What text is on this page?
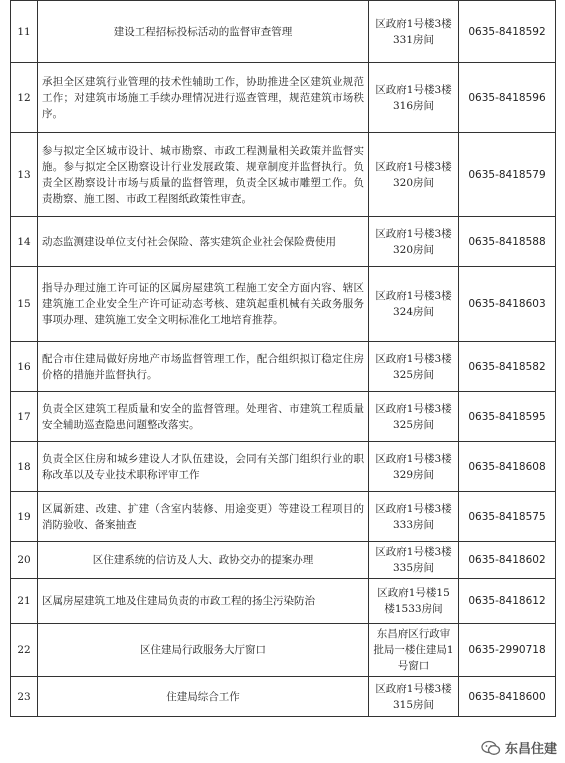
11	建设工程招标投标活动的监督审查管理	区政府1号楼3楼331房间	0635-8418592
12	承担全区建筑行业管理的技术性辅助工作，协助推进全区建筑业规范工作；对建筑市场施工手续办理情况进行巡查管理，规范建筑市场秩序。	区政府1号楼3楼316房间	0635-8418596
13	参与拟定全区城市设计、城市勘察、市政工程测量相关政策并监督实施。参与拟定全区勘察设计行业发展政策、规章制度并监督执行。负责全区勘察设计市场与质量的监督管理，负责全区城市雕塑工作。负责勘察、施工图、市政工程图纸政策性审查。	区政府1号楼3楼320房间	0635-8418579
14	动态监测建设单位支付社会保险、落实建筑企业社会保险费使用	区政府1号楼3楼320房间	0635-8418588
15	指导办理过施工许可证的区属房屋建筑工程施工安全方面内容、辖区建筑施工企业安全生产许可证动态考核、建筑起重机械有关政务服务事项办理、建筑施工安全文明标准化工地培育推荐。	区政府1号楼3楼324房间	0635-8418603
16	配合市住建局做好房地产市场监督管理工作，配合组织拟订稳定住房价格的措施并监督执行。	区政府1号楼3楼325房间	0635-8418582
17	负责全区建筑工程质量和安全的监督管理。处理省、市建筑工程质量安全辅助巡查隐患问题整改落实。	区政府1号楼3楼325房间	0635-8418595
18	负责全区住房和城乡建设人才队伍建设，会同有关部门组织行业的职称改革以及专业技术职称评审工作	区政府1号楼3楼329房间	0635-8418608
19	区属新建、改建、扩建（含室内装修、用途变更）等建设工程项目的消防验收、备案抽查	区政府1号楼3楼333房间	0635-8418575
20	区住建系统的信访及人大、政协交办的提案办理	区政府1号楼3楼335房间	0635-8418602
21	区属房屋建筑工地及住建局负责的市政工程的扬尘污染防治	区政府1号楼15楼1533房间	0635-8418612
22	区住建局行政服务大厅窗口	东昌府区行政审批局一楼住建局1号窗口	0635-2990718
23	住建局综合工作	区政府1号楼3楼315房间	0635-8418600
东昌住建
